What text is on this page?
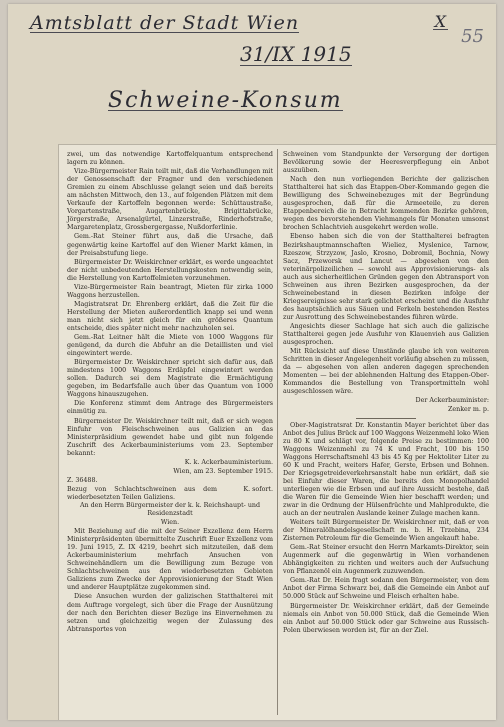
Amtsblatt der Stadt Wien	X
55
31/IX 1915
Schweine-Konsum

zwei, um das notwendige Kartoffelquantum entsprechend lagern zu können.

Vize-Bürgermeister Rain teilt mit, daß die Verhandlungen mit der Genossenschaft der Fragner und den verschiedenen Gremien zu einem Abschlusse gelangt seien und daß bereits am nächsten Mittwoch, den 13., auf folgenden Plätzen mit dem Verkaufe der Kartoffeln begonnen werde: Schüttaustraße, Vorgartenstraße, Augartenbrücke, Brigittabrücke, Jörgerstraße, Arsenalgürtel, Linzerstraße, Rinderhofstraße, Margaretenplatz, Grossbergergasse, Nußdorferlinie.

Gem.-Rat Steiner führt aus, daß die Ursache, daß gegenwärtig keine Kartoffel auf den Wiener Markt kämen, in der Preisabstufung liege.

Bürgermeister Dr. Weiskirchner erklärt, es werde ungeachtet der nicht unbedeutenden Herstellungskosten notwendig sein, die Herstellung von Kartoffelmieten vorzunehmen.

Vize-Bürgermeister Rain beantragt, Mieten für zirka 1000 Waggons herzustellen.

Magistratsrat Dr. Ehrenberg erklärt, daß die Zeit für die Herstellung der Mieten außerordentlich knapp sei und wenn man nicht sich jetzt gleich für ein größeres Quantum entscheide, dies später nicht mehr nachzuholen sei.

Gem.-Rat Leitner hält die Miete von 1000 Waggons für genügend, da durch die Abfuhr an die Detaillisten und viel eingewintert werde.

Bürgermeister Dr. Weiskirchner spricht sich dafür aus, daß mindestens 1000 Waggons Erdäpfel eingewintert werden sollen. Dadurch sei dem Magistrate die Ermächtigung gegeben, im Bedarfsfalle auch über das Quantum von 1000 Waggons hinauszugehen.

Die Konferenz stimmt dem Antrage des Bürgermeisters einmütig zu.

Bürgermeister Dr. Weiskirchner teilt mit, daß er sich wegen Einfuhr von Fleischschweinen aus Galizien an das Ministerpräsidium gewendet habe und gibt nun folgende Zuschrift des Ackerbauministeriums vom 23. September bekannt:

K. k. Ackerbauministerium.

Wien, am 23. September 1915.

Z. 36488.

Bezug von Schlachtschweinen aus dem wiederbesetzten Teilen Galiziens.
K. sofort.

An den Herrn Bürgermeister der k. k. Reichshaupt- und Residenzstadt

Wien.

Mit Beziehung auf die mit der Seiner Exzellenz dem Herrn Ministerpräsidenten übermittelte Zuschrift Euer Exzellenz vom 19. Juni 1915, Z. IX 4219, beehrt sich mitzuteilen, daß dem Ackerbauministerium mehrfach Ansuchen von Schweinehändlern um die Bewilligung zum Bezuge von Schlachtschweinen aus den wiederbesetzten Gebieten Galiziens zum Zwecke der Approvisionierung der Stadt Wien und anderer Hauptplätze zugekommen sind.

Diese Ansuchen wurden der galizischen Statthalterei mit dem Auftrage vorgelegt, sich über die Frage der Ausnützung der nach den Berichten dieser Bezüge ins Einvernehmen zu setzen und gleichzeitig wegen der Zulassung des Abtransportes von

Schweinen vom Standpunkte der Versorgung der dortigen Bevölkerung sowie der Heeresverpflegung ein Anbot auszuüben.

Nach den nun vorliegenden Berichte der galizischen Statthalterei hat sich das Etappen-Ober-Kommando gegen die Bewilligung des Schweinebezuges mit der Begründung ausgesprochen, daß für die Armeeteile, zu deren Etappenbereich die in Betracht kommenden Bezirke gehören, wegen des bevorstehenden Viehmangels für Monaten umsonst brochen Schlachtvieh ausgekehrt werden wolle.

Ebenso haben sich die von der Statthalterei befragten Bezirkshauptmannschaften Wieliez, Myslenice, Tarnow, Rzeszow, Strzyzow, Jaslo, Krosno, Dobromil, Bochnia, Nowy Sacz, Przeworsk und Lancut — abgesehen von den veterinärpolizeilichen — sowohl aus Approvisionierungs- als auch aus sicherheitlichen Gründen gegen den Abtransport von Schweinen aus ihren Bezirken ausgesprochen, da der Schweinebestand in diesen Bezirken infolge der Kriegsereignisse sehr stark gelichtet erscheint und die Ausfuhr des hauptsächlich aus Säuen und Ferkeln bestehenden Restes zur Ausrottung des Schweinebestandes führen würde.

Angesichts dieser Sachlage hat sich auch die galizische Statthalterei gegen jede Ausfuhr von Klauenvieh aus Galizien ausgesprochen.

Mit Rücksicht auf diese Umstände glaube ich von weiteren Schritten in dieser Angelegenheit vorläufig absehen zu müssen, da — abgesehen von allen anderen dagegen sprechenden Momenten — bei der ablehnenden Haltung des Etappen-Ober-Kommandos die Bestellung von Transportmitteln wohl ausgeschlossen wäre.

Der Ackerbauminister:

Zenker m. p.

Ober-Magistratsrat Dr. Konstantin Mayer berichtet über das Anbot des Julius Brück auf 100 Waggons Weizenmehl loko Wien zu 80 K und schlägt vor, folgende Preise zu bestimmen: 100 Waggons Weizenmehl zu 74 K und Fracht, 100 bis 150 Waggons Herrschaftsmehl 43 bis 45 Kg per Hektoliter Liter zu 60 K und Fracht, weiters Hafer, Gerste, Erbsen und Bohnen. Der Kriegsgetreideverkehrsanstalt habe nun erklärt, daß sie bei Einfuhr dieser Waren, die bereits den Monopolhandel unterliegen wie die Erbsen und auf ihre Aussicht bestehe, daß die Waren für die Gemeinde Wien hier beschafft werden; und zwar in die Ordnung der Hülsenfrüchte und Mahlprodukte, die auch an der neutralen Auslande keiner Zulage machen kann.

Weiters teilt Bürgermeister Dr. Weiskirchner mit, daß er von der Mineralölhandelsgesellschaft m. b. H. Trzebina, 234 Zisternen Petroleum für die Gemeinde Wien angekauft habe.

Gem.-Rat Steiner ersucht den Herrn Markamts-Direktor, sein Augenmerk auf die gegenwärtig in Wien vorhandenen Abhängigkeiten zu richten und weiters auch der Aufsuchung von Pflanzenöl ein Augenmerk zuzuwenden.

Gem.-Rat Dr. Hein fragt sodann den Bürgermeister, von dem Anbot der Firma Schwarz bei, daß die Gemeinde ein Anbot auf 50.000 Stück auf Schweine und Fleisch erhalten habe.

Bürgermeister Dr. Weiskirchner erklärt, daß der Gemeinde niemals ein Anbot von 50.000 Stück, daß die Gemeinde Wien ein Anbot auf 50.000 Stück oder gar Schweine aus Russisch-Polen überwiesen worden ist, für an der Ziel.
